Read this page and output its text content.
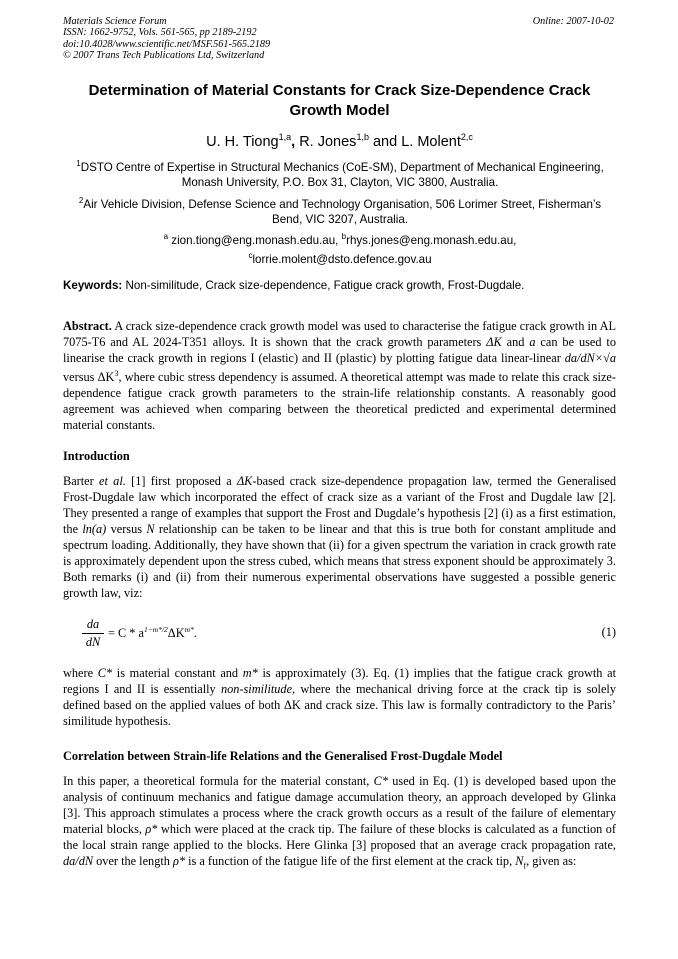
Materials Science Forum
ISSN: 1662-9752, Vols. 561-565, pp 2189-2192
doi:10.4028/www.scientific.net/MSF.561-565.2189
© 2007 Trans Tech Publications Ltd, Switzerland
Online: 2007-10-02
Determination of Material Constants for Crack Size-Dependence Crack Growth Model
U. H. Tiong$^{1,a}$, R. Jones$^{1,b}$ and L. Molent$^{2,c}$
$^1$DSTO Centre of Expertise in Structural Mechanics (CoE-SM), Department of Mechanical Engineering, Monash University, P.O. Box 31, Clayton, VIC 3800, Australia.
$^2$Air Vehicle Division, Defense Science and Technology Organisation, 506 Lorimer Street, Fisherman’s Bend, VIC 3207, Australia.
$^a$ zion.tiong@eng.monash.edu.au, $^b$rhys.jones@eng.monash.edu.au,
$^c$lorrie.molent@dsto.defence.gov.au
Keywords: Non-similitude, Crack size-dependence, Fatigue crack growth, Frost-Dugdale.
Abstract. A crack size-dependence crack growth model was used to characterise the fatigue crack growth in AL 7075-T6 and AL 2024-T351 alloys. It is shown that the crack growth parameters ΔK and a can be used to linearise the crack growth in regions I (elastic) and II (plastic) by plotting fatigue data linear-linear da/dN×√a versus $\Delta K^3$, where cubic stress dependency is assumed. A theoretical attempt was made to relate this crack size-dependence fatigue crack growth parameters to the strain-life relationship constants. A reasonably good agreement was achieved when comparing between the theoretical predicted and experimental determined material constants.
Introduction
Barter et al. [1] first proposed a ΔK-based crack size-dependence propagation law, termed the Generalised Frost-Dugdale law which incorporated the effect of crack size as a variant of the Frost and Dugdale law [2]. They presented a range of examples that support the Frost and Dugdale’s hypothesis [2] (i) as a first estimation, the ln(a) versus N relationship can be taken to be linear and that this is true both for constant amplitude and spectrum loading. Additionally, they have shown that (ii) for a given spectrum the variation in crack growth rate is approximately dependent upon the stress cubed, which means that stress exponent should be approximately 3. Both remarks (i) and (ii) from their numerous experimental observations have suggested a possible generic growth law, viz:
da
dN
= C * $a^{1-m*/2}\Delta K^{m*}$.	(1)
where C* is material constant and m* is approximately (3). Eq. (1) implies that the fatigue crack growth at regions I and II is essentially non-similitude, where the mechanical driving force at the crack tip is solely defined based on the applied values of both ΔK and crack size. This law is formally contradictory to the Paris’ similitude hypothesis.
Correlation between Strain-life Relations and the Generalised Frost-Dugdale Model
In this paper, a theoretical formula for the material constant, C* used in Eq. (1) is developed based upon the analysis of continuum mechanics and fatigue damage accumulation theory, an approach developed by Glinka [3]. This approach stimulates a process where the crack growth occurs as a result of the failure of elementary material blocks, ρ* which were placed at the crack tip. The failure of these blocks is calculated as a function of the local strain range applied to the blocks. Here Glinka [3] proposed that an average crack propagation rate, da/dN over the length ρ* is a function of the fatigue life of the first element at the crack tip, $N_f$, given as:
